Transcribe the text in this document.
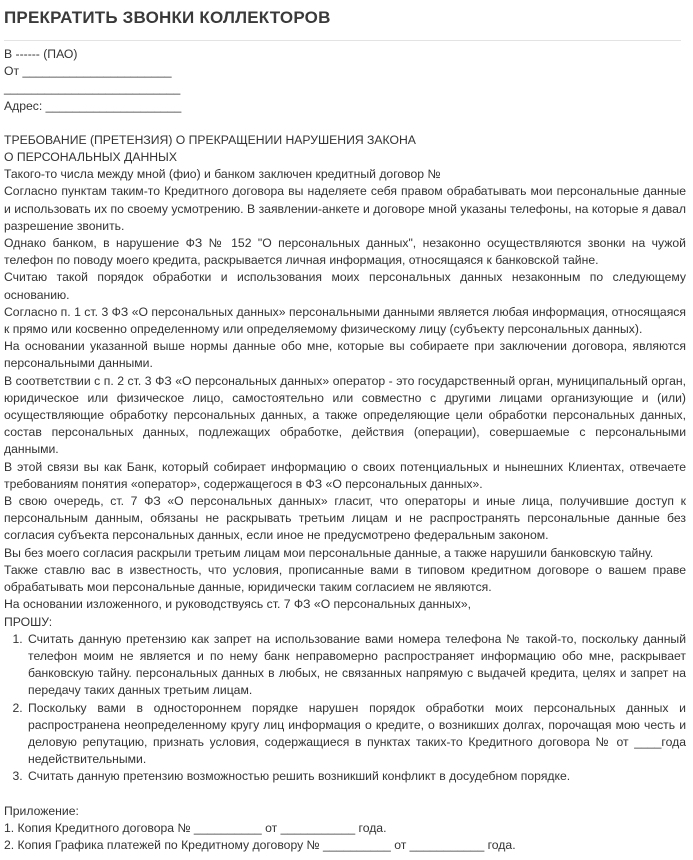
ПРЕКРАТИТЬ ЗВОНКИ КОЛЛЕКТОРОВ

В ------ (ПАО)

От ______________________

__________________________

Адрес: ____________________

ТРЕБОВАНИЕ (ПРЕТЕНЗИЯ) О ПРЕКРАЩЕНИИ НАРУШЕНИЯ ЗАКОНА

О ПЕРСОНАЛЬНЫХ ДАННЫХ

Такого-то числа между мной (фио) и банком заключен кредитный договор №

Согласно пунктам таким-то Кредитного договора вы наделяете себя правом обрабатывать мои персональные данные и использовать их по своему усмотрению. В заявлении-анкете и договоре мной указаны телефоны, на которые я давал разрешение звонить.

Однако банком, в нарушение ФЗ № 152 "О персональных данных", незаконно осуществляются звонки на чужой телефон по поводу моего кредита, раскрывается личная информация, относящаяся к банковской тайне.

Считаю такой порядок обработки и использования моих персональных данных незаконным по следующему основанию.

Согласно п. 1 ст. 3 ФЗ «О персональных данных» персональными данными является любая информация, относящаяся к прямо или косвенно определенному или определяемому физическому лицу (субъекту персональных данных).

На основании указанной выше нормы данные обо мне, которые вы собираете при заключении договора, являются персональными данными.

В соответствии с п. 2 ст. 3 ФЗ «О персональных данных» оператор - это государственный орган, муниципальный орган, юридическое или физическое лицо, самостоятельно или совместно с другими лицами организующие и (или) осуществляющие обработку персональных данных, а также определяющие цели обработки персональных данных, состав персональных данных, подлежащих обработке, действия (операции), совершаемые с персональными данными.

В этой связи вы как Банк, который собирает информацию о своих потенциальных и нынешних Клиентах, отвечаете требованиям понятия «оператор», содержащегося в ФЗ «О персональных данных».

В свою очередь, ст. 7 ФЗ «О персональных данных» гласит, что операторы и иные лица, получившие доступ к персональным данным, обязаны не раскрывать третьим лицам и не распространять персональные данные без согласия субъекта персональных данных, если иное не предусмотрено федеральным законом.

Вы без моего согласия раскрыли третьим лицам мои персональные данные, а также нарушили банковскую тайну.

Также ставлю вас в известность, что условия, прописанные вами в типовом кредитном договоре о вашем праве обрабатывать мои персональные данные, юридически таким согласием не являются.

На основании изложенного, и руководствуясь ст. 7 ФЗ «О персональных данных»,

ПРОШУ:

1. Считать данную претензию как запрет на использование вами номера телефона № такой-то, поскольку данный телефон моим не является и по нему банк неправомерно распространяет информацию обо мне, раскрывает банковскую тайну. персональных данных в любых, не связанных напрямую с выдачей кредита, целях и запрет на передачу таких данных третьим лицам.
2. Поскольку вами в одностороннем порядке нарушен порядок обработки моих персональных данных и распространена неопределенному кругу лиц информация о кредите, о возникших долгах, порочащая мою честь и деловую репутацию, признать условия, содержащиеся в пунктах таких-то Кредитного договора № от ____года недействительными.
3. Считать данную претензию возможностью решить возникший конфликт в досудебном порядке.

Приложение:

1. Копия Кредитного договора № __________ от ___________ года.

2. Копия Графика платежей по Кредитному договору № __________ от ___________ года.
